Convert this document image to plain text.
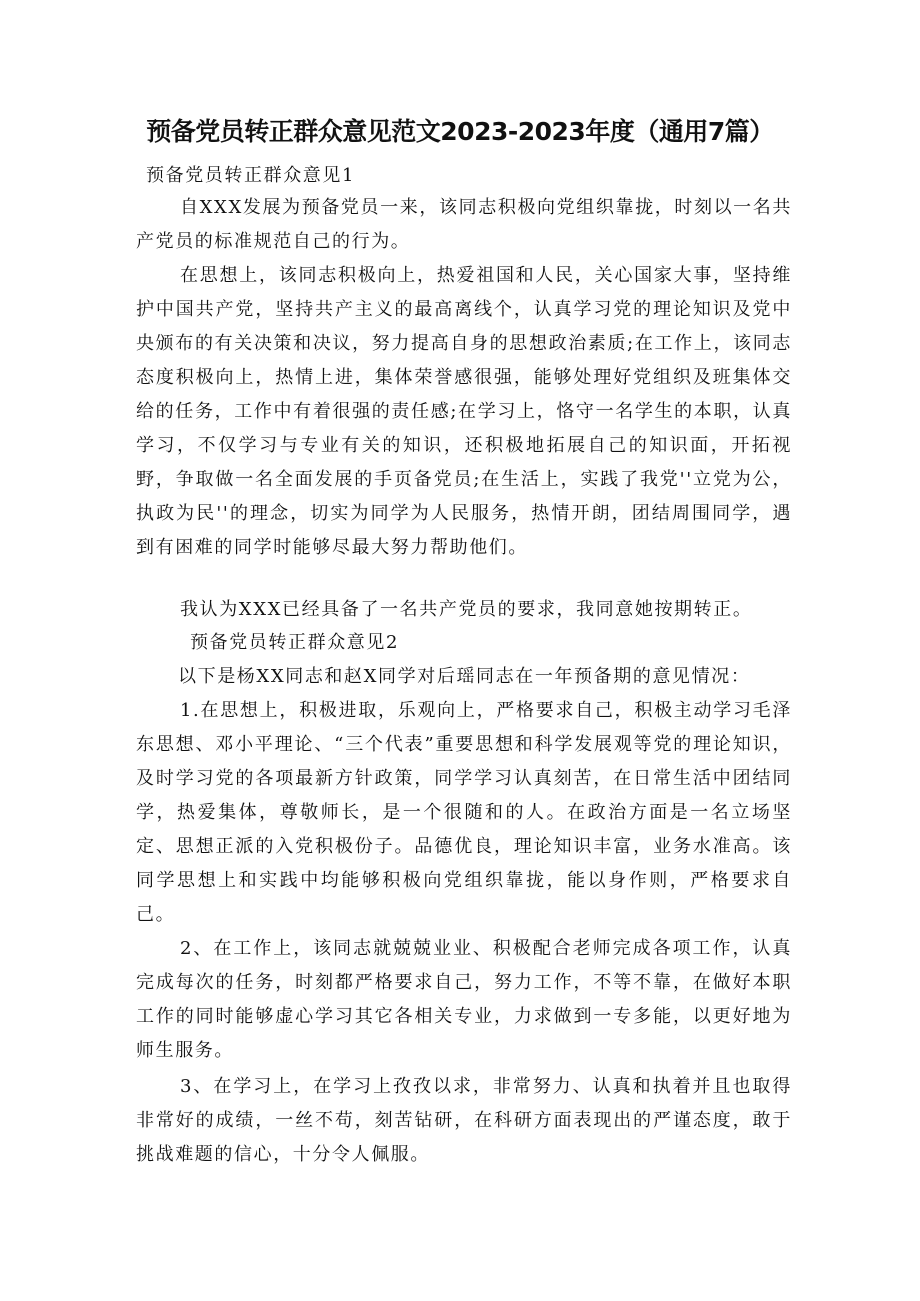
预备党员转正群众意见范文2023-2023年度（通用7篇）
预备党员转正群众意见1

自XXX发展为预备党员一来，该同志积极向党组织靠拢，时刻以一名共产党员的标准规范自己的行为。

在思想上，该同志积极向上，热爱祖国和人民，关心国家大事，坚持维护中国共产党，坚持共产主义的最高离线个，认真学习党的理论知识及党中央颁布的有关决策和决议，努力提高自身的思想政治素质;在工作上，该同志态度积极向上，热情上进，集体荣誉感很强，能够处理好党组织及班集体交给的任务，工作中有着很强的责任感;在学习上，恪守一名学生的本职，认真学习，不仅学习与专业有关的知识，还积极地拓展自己的知识面，开拓视野，争取做一名全面发展的手页备党员;在生活上，实践了我党''立党为公，执政为民''的理念，切实为同学为人民服务，热情开朗，团结周围同学，遇到有困难的同学时能够尽最大努力帮助他们。

我认为XXX已经具备了一名共产党员的要求，我同意她按期转正。

预备党员转正群众意见2

以下是杨XX同志和赵X同学对后瑶同志在一年预备期的意见情况：

1.在思想上，积极进取，乐观向上，严格要求自己，积极主动学习毛泽东思想、邓小平理论、“三个代表”重要思想和科学发展观等党的理论知识，及时学习党的各项最新方针政策，同学学习认真刻苦，在日常生活中团结同学，热爱集体，尊敬师长，是一个很随和的人。在政治方面是一名立场坚定、思想正派的入党积极份子。品德优良，理论知识丰富，业务水准高。该同学思想上和实践中均能够积极向党组织靠拢，能以身作则，严格要求自己。

2、在工作上，该同志就兢兢业业、积极配合老师完成各项工作，认真完成每次的任务，时刻都严格要求自己，努力工作，不等不靠，在做好本职工作的同时能够虚心学习其它各相关专业，力求做到一专多能，以更好地为师生服务。

3、在学习上，在学习上孜孜以求，非常努力、认真和执着并且也取得非常好的成绩，一丝不苟，刻苦钻研，在科研方面表现出的严谨态度，敢于挑战难题的信心，十分令人佩服。
